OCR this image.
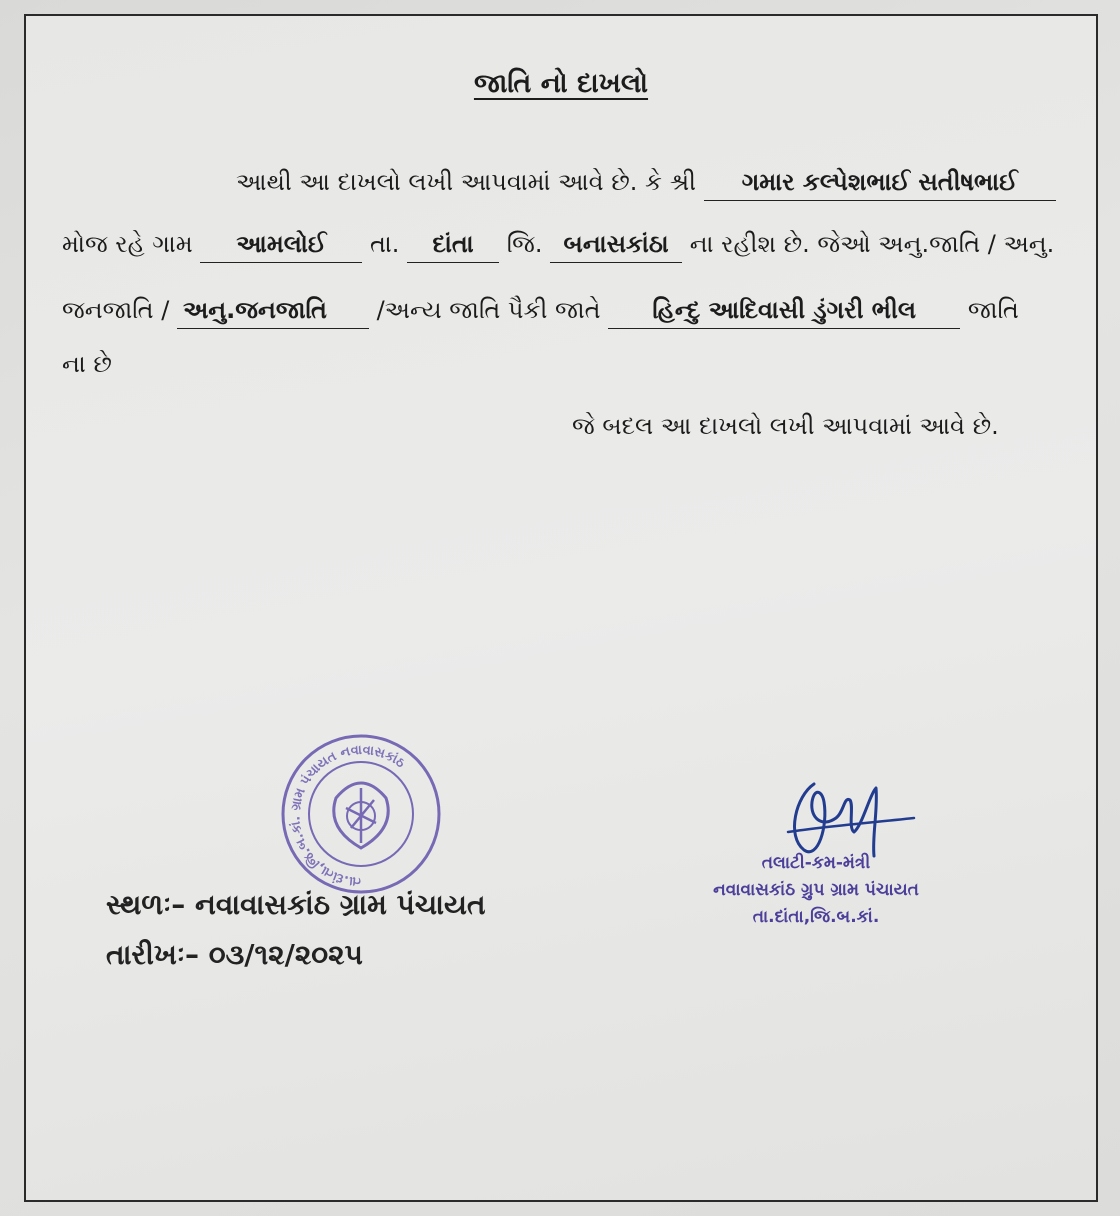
જાતિ નો દાખલો
આથી આ દાખલો લખી આપવામાં આવે છે. કે શ્રી ગમાર કલ્પેશભાઈ સતીષભાઈ
મોજ રહે ગામ આમલોઈ તા. દાંતા જિ. બનાસકાંઠા ના રહીશ છે. જેઓ અનુ.જાતિ / અનુ.
જનજાતિ / અનુ.જનજાતિ /અન્ય જાતિ પૈકી જાતે હિન્દુ આદિવાસી ડુંગરી ભીલ જાતિ
ના છે
જે બદલ આ દાખલો લખી આપવામાં આવે છે.
તા.દાંતા,જિ.બ.કાં. ગ્રામ પંચાયત નવાવાસકાંઠ
તલાટી-કમ-મંત્રી
નવાવાસકાંઠ ગ્રુપ ગ્રામ પંચાયત
તા.દાંતા,જિ.બ.કાં.
સ્થળઃ– નવાવાસકાંઠ ગ્રામ પંચાયત
તારીખઃ– ૦૩/૧૨/૨૦૨૫
